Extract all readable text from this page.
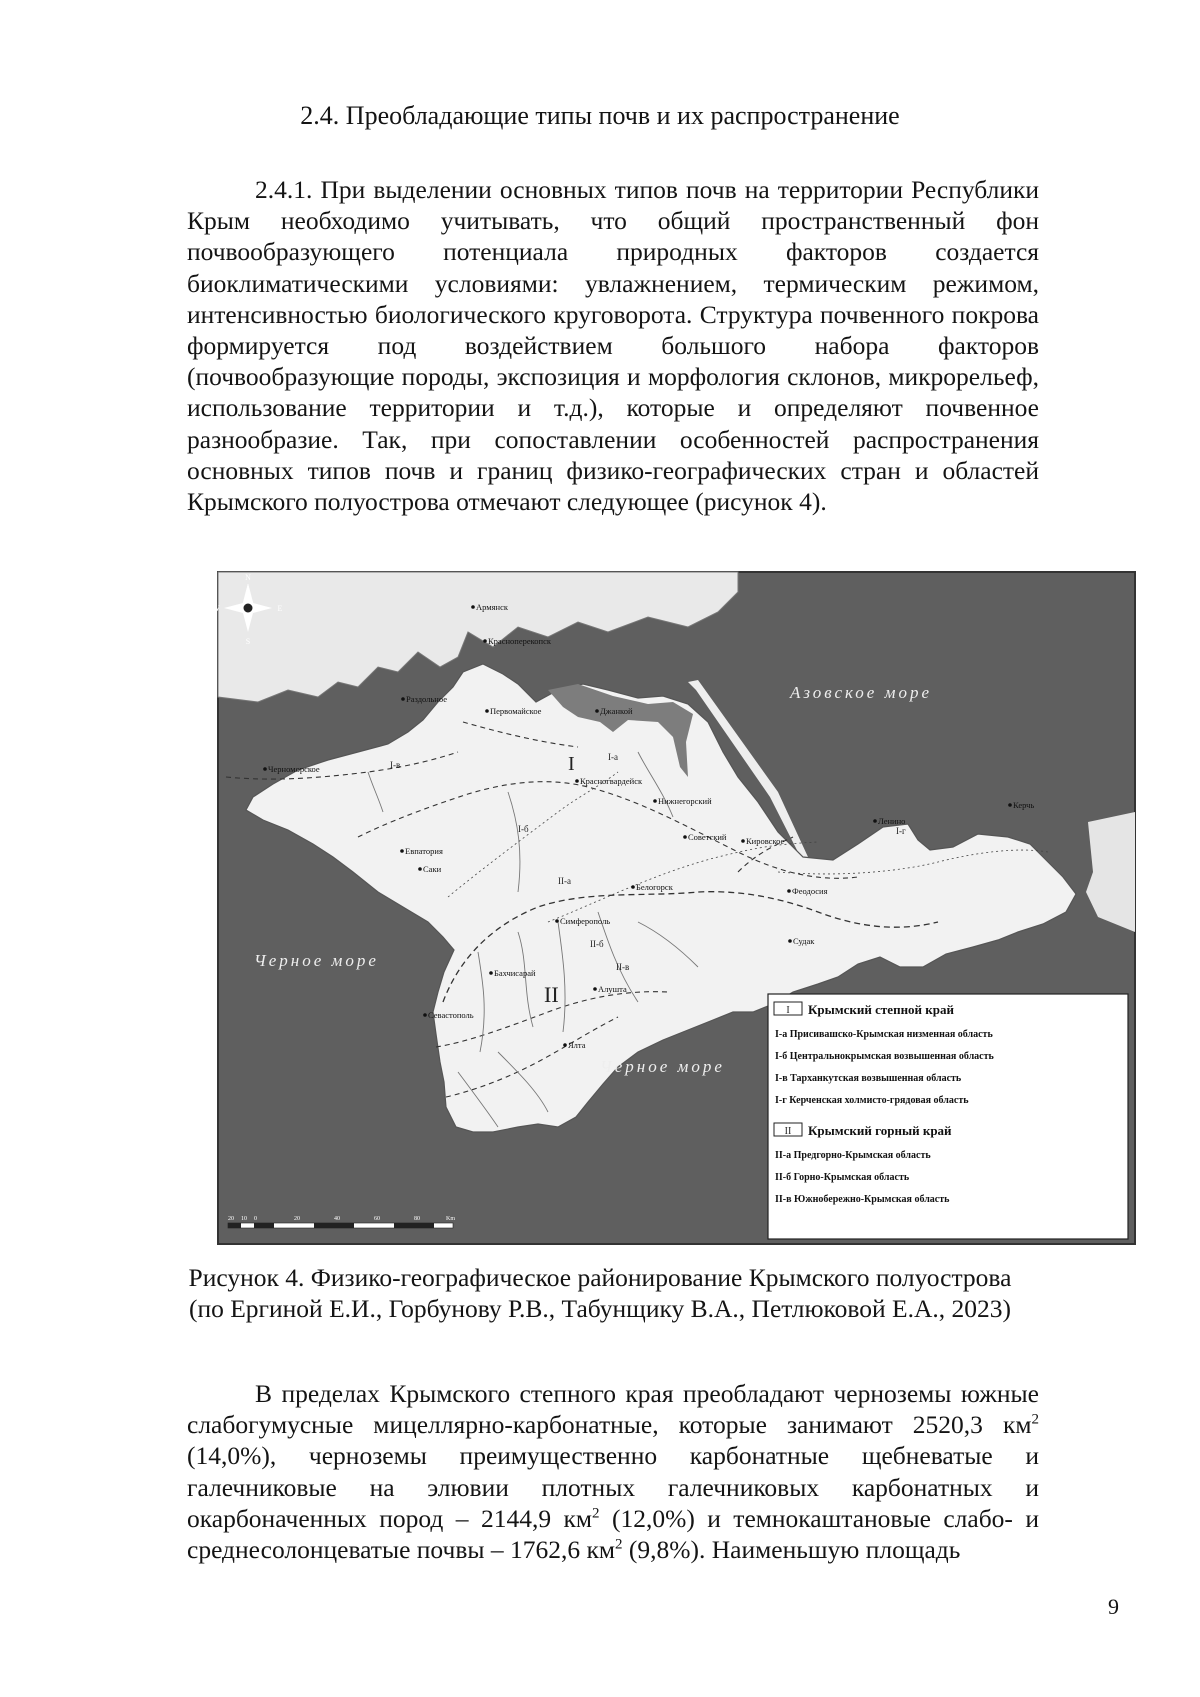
2.4. Преобладающие типы почв и их распространение

2.4.1. При выделении основных типов почв на территории Республики Крым необходимо учитывать, что общий пространственный фон почвообразующего потенциала природных факторов создается биоклиматическими условиями: увлажнением, термическим режимом, интенсивностью биологического круговорота. Структура почвенного покрова формируется под воздействием большого набора факторов (почвообразующие породы, экспозиция и морфология склонов, микрорельеф, использование территории и т.д.), которые и определяют почвенное разнообразие. Так, при сопоставлении особенностей распространения основных типов почв и границ физико-географических стран и областей Крымского полуострова отмечают следующее (рисунок 4).

N
S
E
W
Азовское море
Черное море
Черное море
I
II
I-а
I-б
I-в
I-г
II-а
II-б
II-в
Армянск
Красноперекопск
Раздольное
Первомайское	Джанкой
Черноморское
Красногвардейск
Нижнегорский
Советский Кировское
Ленино
Керчь
Евпатория
Саки
Белогорск
Симферополь
Феодосия
Судак
Бахчисарай
Алушта
Севастополь
Ялта
20 10 0	20	40	60	80	Km
I Крымский степной край
I-а Присивашско-Крымская низменная область
I-б Центральнокрымская возвышенная область
I-в Тарханкутская возвышенная область
I-г Керченская холмисто-грядовая область
II Крымский горный край
II-а Предгорно-Крымская область
II-б Горно-Крымская область
II-в Южнобережно-Крымская область
Рисунок 4. Физико-географическое районирование Крымского полуострова
(по Ергиной Е.И., Горбунову Р.В., Табунщику В.А., Петлюковой Е.А., 2023)

В пределах Крымского степного края преобладают черноземы южные слабогумусные мицеллярно-карбонатные, которые занимают 2520,3 $км^2$ (14,0%), черноземы преимущественно карбонатные щебневатые и галечниковые на элювии плотных галечниковых карбонатных и окарбоначенных пород – 2144,9 $км^2$ (12,0%) и темнокаштановые слабо- и среднесолонцеватые почвы – 1762,6 $км^2$ (9,8%). Наименьшую площадь

9
